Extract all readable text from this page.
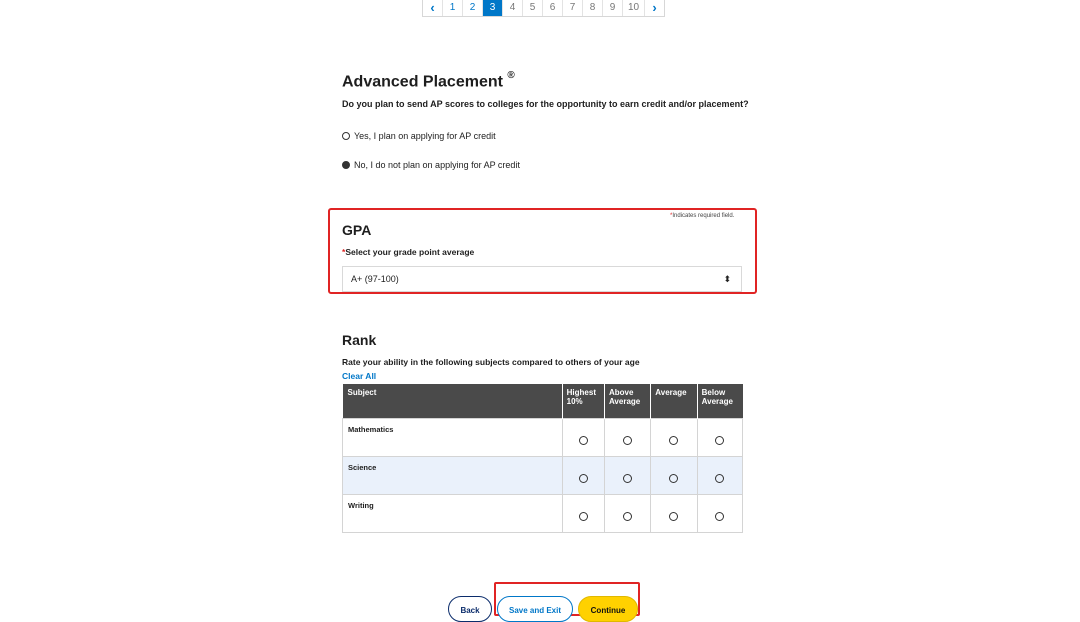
‹	1	2	3	4	5	6	7	8	9	10	›
Advanced Placement ®
Do you plan to send AP scores to colleges for the opportunity to earn credit and/or placement?
Yes, I plan on applying for AP credit
No, I do not plan on applying for AP credit
*Indicates required field.
GPA
*Select your grade point average
A+ (97-100)	⬍
Rank
Rate your ability in the following subjects compared to others of your age
Clear All
Subject	Highest 10%	Above Average	Average	Below Average
Mathematics				
Science				
Writing				
Back	Save and Exit	Continue
